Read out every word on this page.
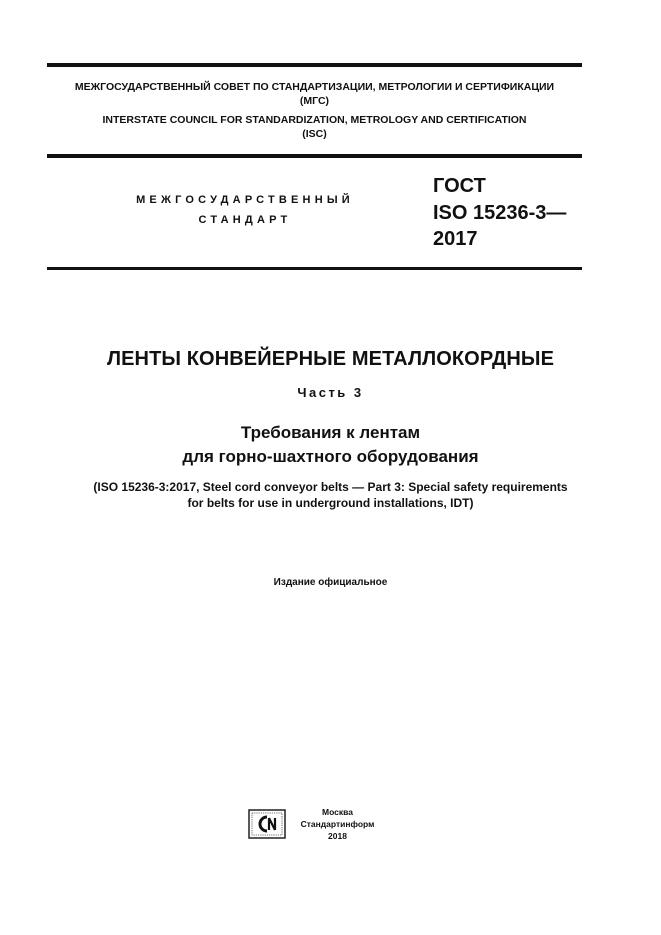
МЕЖГОСУДАРСТВЕННЫЙ СОВЕТ ПО СТАНДАРТИЗАЦИИ, МЕТРОЛОГИИ И СЕРТИФИКАЦИИ
(МГС)
INTERSTATE COUNCIL FOR STANDARDIZATION, METROLOGY AND CERTIFICATION
(ISC)
МЕЖГОСУДАРСТВЕННЫЙ
СТАНДАРТ
ГОСТ
ISO 15236-3—
2017
ЛЕНТЫ КОНВЕЙЕРНЫЕ МЕТАЛЛОКОРДНЫЕ
Часть 3
Требования к лентам
для горно-шахтного оборудования
(ISO 15236-3:2017, Steel cord conveyor belts — Part 3: Special safety requirements
for belts for use in underground installations, IDT)
Издание официальное
Москва
Стандартинформ
2018
